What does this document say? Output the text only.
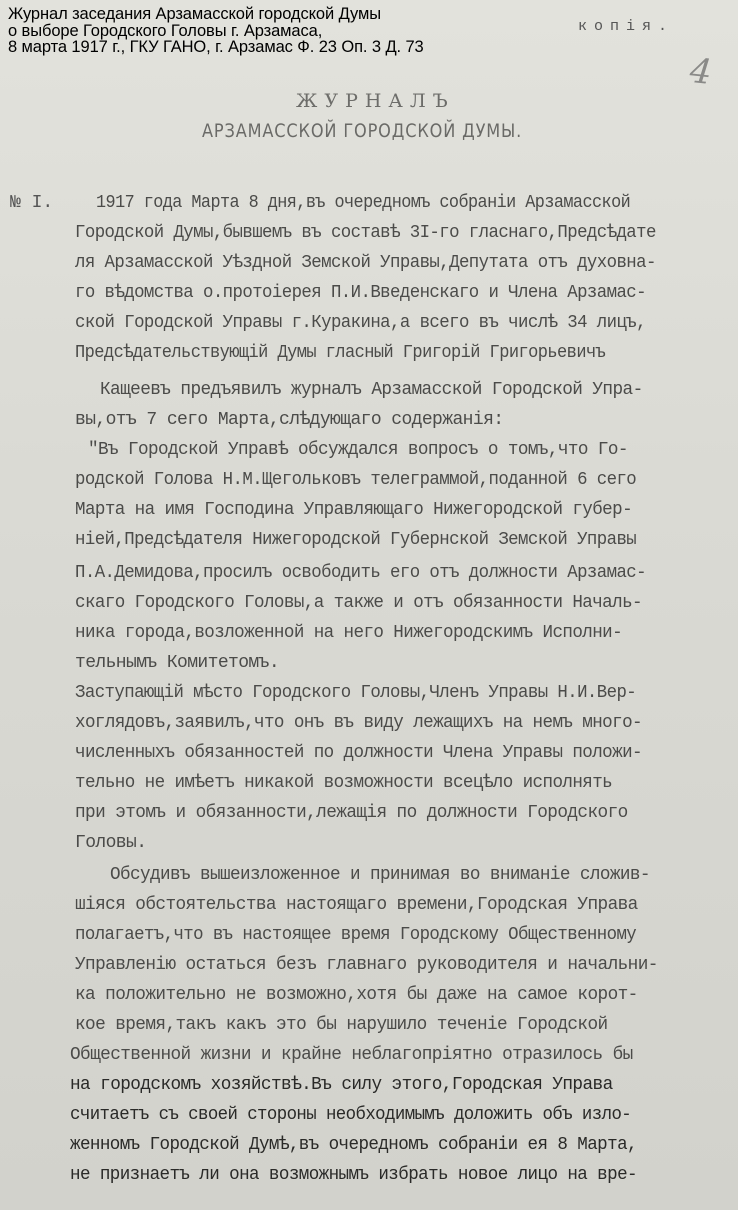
Журнал заседания Арзамасской городской Думы
о выборе Городского Головы г. Арзамаса,
8 марта 1917 г., ГКУ ГАНО, г. Арзамас Ф. 23 Оп. 3 Д. 73
копія.
4
ЖУРНАЛЪ
АРЗАМАССКОЙ ГОРОДСКОЙ ДУМЫ.
№ I. 1917 года Марта 8 дня,въ очередномъ собраніи Арзамасской
Городской Думы,бывшемъ въ составѣ 3I-го гласнаго,Предсѣдате
ля Арзамасской Уѣздной Земской Управы,Депутата отъ духовна-
го вѣдомства о.протоіерея П.И.Введенскаго и Члена Арзамас-
ской Городской Управы г.Куракина,а всего въ числѣ 34 лицъ,
Предсѣдательствующій Думы гласный Григорій Григорьевичъ
Кащеевъ предъявилъ журналъ Арзамасской Городской Упра-
вы,отъ 7 сего Марта,слѣдующаго содержанія:
"Въ Городской Управѣ обсуждался вопросъ о томъ,что Го-
родской Голова Н.М.Щегольковъ телеграммой,поданной 6 сего
Марта на имя Господина Управляющаго Нижегородской губер-
ніей,Предсѣдателя Нижегородской Губернской Земской Управы
П.А.Демидова,просилъ освободить его отъ должности Арзамас-
скаго Городского Головы,а также и отъ обязанности Началь-
ника города,возложенной на него Нижегородскимъ Исполни-
тельнымъ Комитетомъ.
Заступающій мѣсто Городского Головы,Членъ Управы Н.И.Вер-
хоглядовъ,заявилъ,что онъ въ виду лежащихъ на немъ много-
численныхъ обязанностей по должности Члена Управы положи-
тельно не имѣетъ никакой возможности всецѣло исполнять
при этомъ и обязанности,лежащія по должности Городского
Головы.
Обсудивъ вышеизложенное и принимая во вниманіе сложив-
шіяся обстоятельства настоящаго времени,Городская Управа
полагаетъ,что въ настоящее время Городскому Общественному
Управленію остаться безъ главнаго руководителя и начальни-
ка положительно не возможно,хотя бы даже на самое корот-
кое время,такъ какъ это бы нарушило теченіе Городской
Общественной жизни и крайне неблагопріятно отразилось бы
на городскомъ хозяйствѣ.Въ силу этого,Городская Управа
считаетъ съ своей стороны необходимымъ доложить объ изло-
женномъ Городской Думѣ,въ очередномъ собраніи ея 8 Марта,
не признаетъ ли она возможнымъ избрать новое лицо на вре-
